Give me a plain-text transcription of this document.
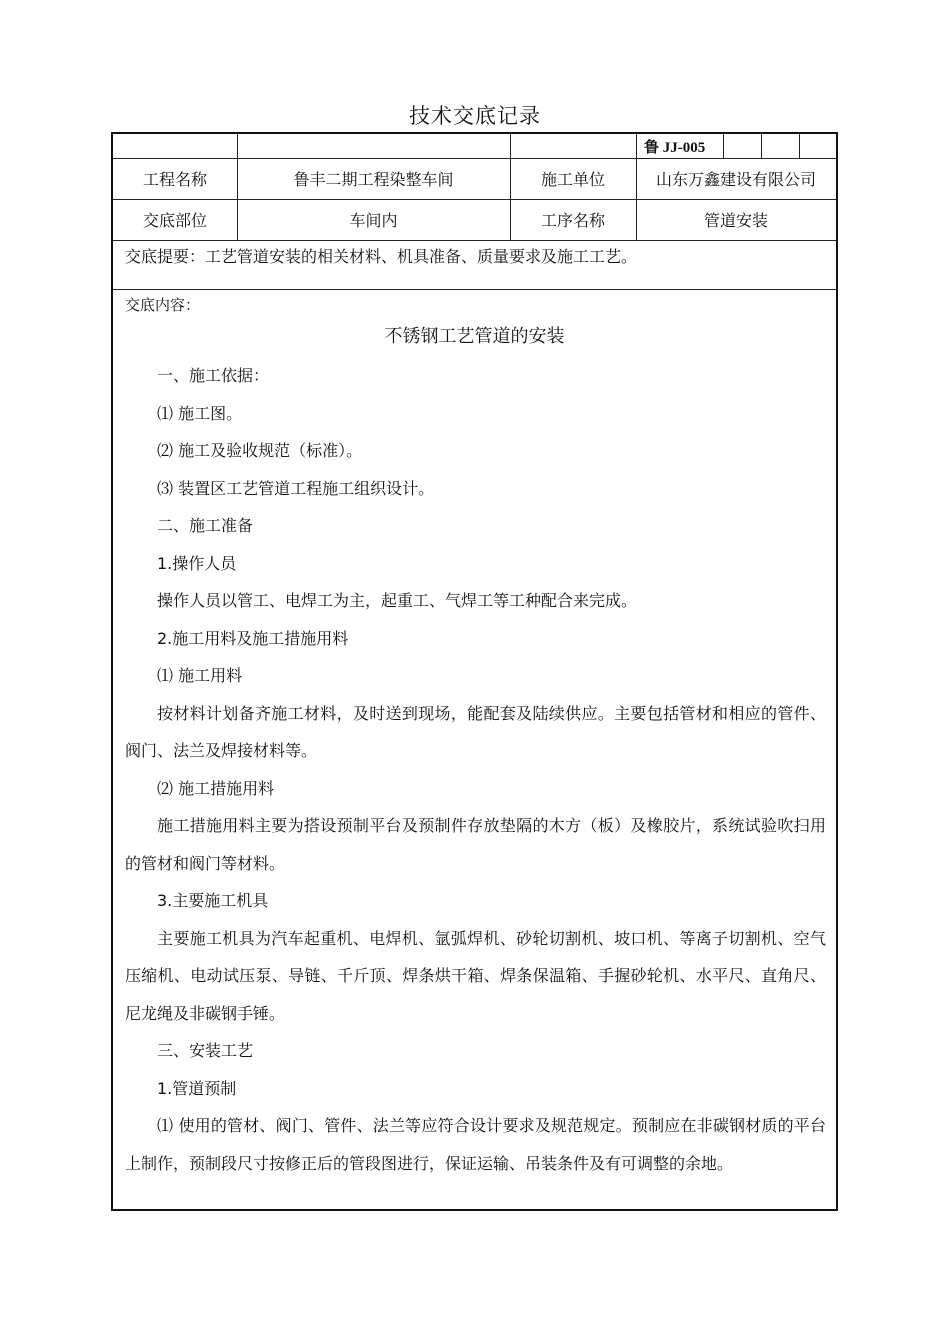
技术交底记录
鲁 JJ-005
工程名称	鲁丰二期工程染整车间	施工单位	山东万鑫建设有限公司
交底部位	车间内	工序名称	管道安装
交底提要：工艺管道安装的相关材料、机具准备、质量要求及施工工艺。
交底内容：
不锈钢工艺管道的安装

一、施工依据：

⑴ 施工图。

⑵ 施工及验收规范（标准）。

⑶ 装置区工艺管道工程施工组织设计。

二、施工准备

1.操作人员

操作人员以管工、电焊工为主，起重工、气焊工等工种配合来完成。

2.施工用料及施工措施用料

⑴ 施工用料

按材料计划备齐施工材料，及时送到现场，能配套及陆续供应。主要包括管材和相应的管件、阀门、法兰及焊接材料等。

⑵ 施工措施用料

施工措施用料主要为搭设预制平台及预制件存放垫隔的木方（板）及橡胶片，系统试验吹扫用的管材和阀门等材料。

3.主要施工机具

主要施工机具为汽车起重机、电焊机、氩弧焊机、砂轮切割机、坡口机、等离子切割机、空气压缩机、电动试压泵、导链、千斤顶、焊条烘干箱、焊条保温箱、手握砂轮机、水平尺、直角尺、尼龙绳及非碳钢手锤。

三、安装工艺

1.管道预制

⑴ 使用的管材、阀门、管件、法兰等应符合设计要求及规范规定。预制应在非碳钢材质的平台上制作，预制段尺寸按修正后的管段图进行，保证运输、吊装条件及有可调整的余地。
